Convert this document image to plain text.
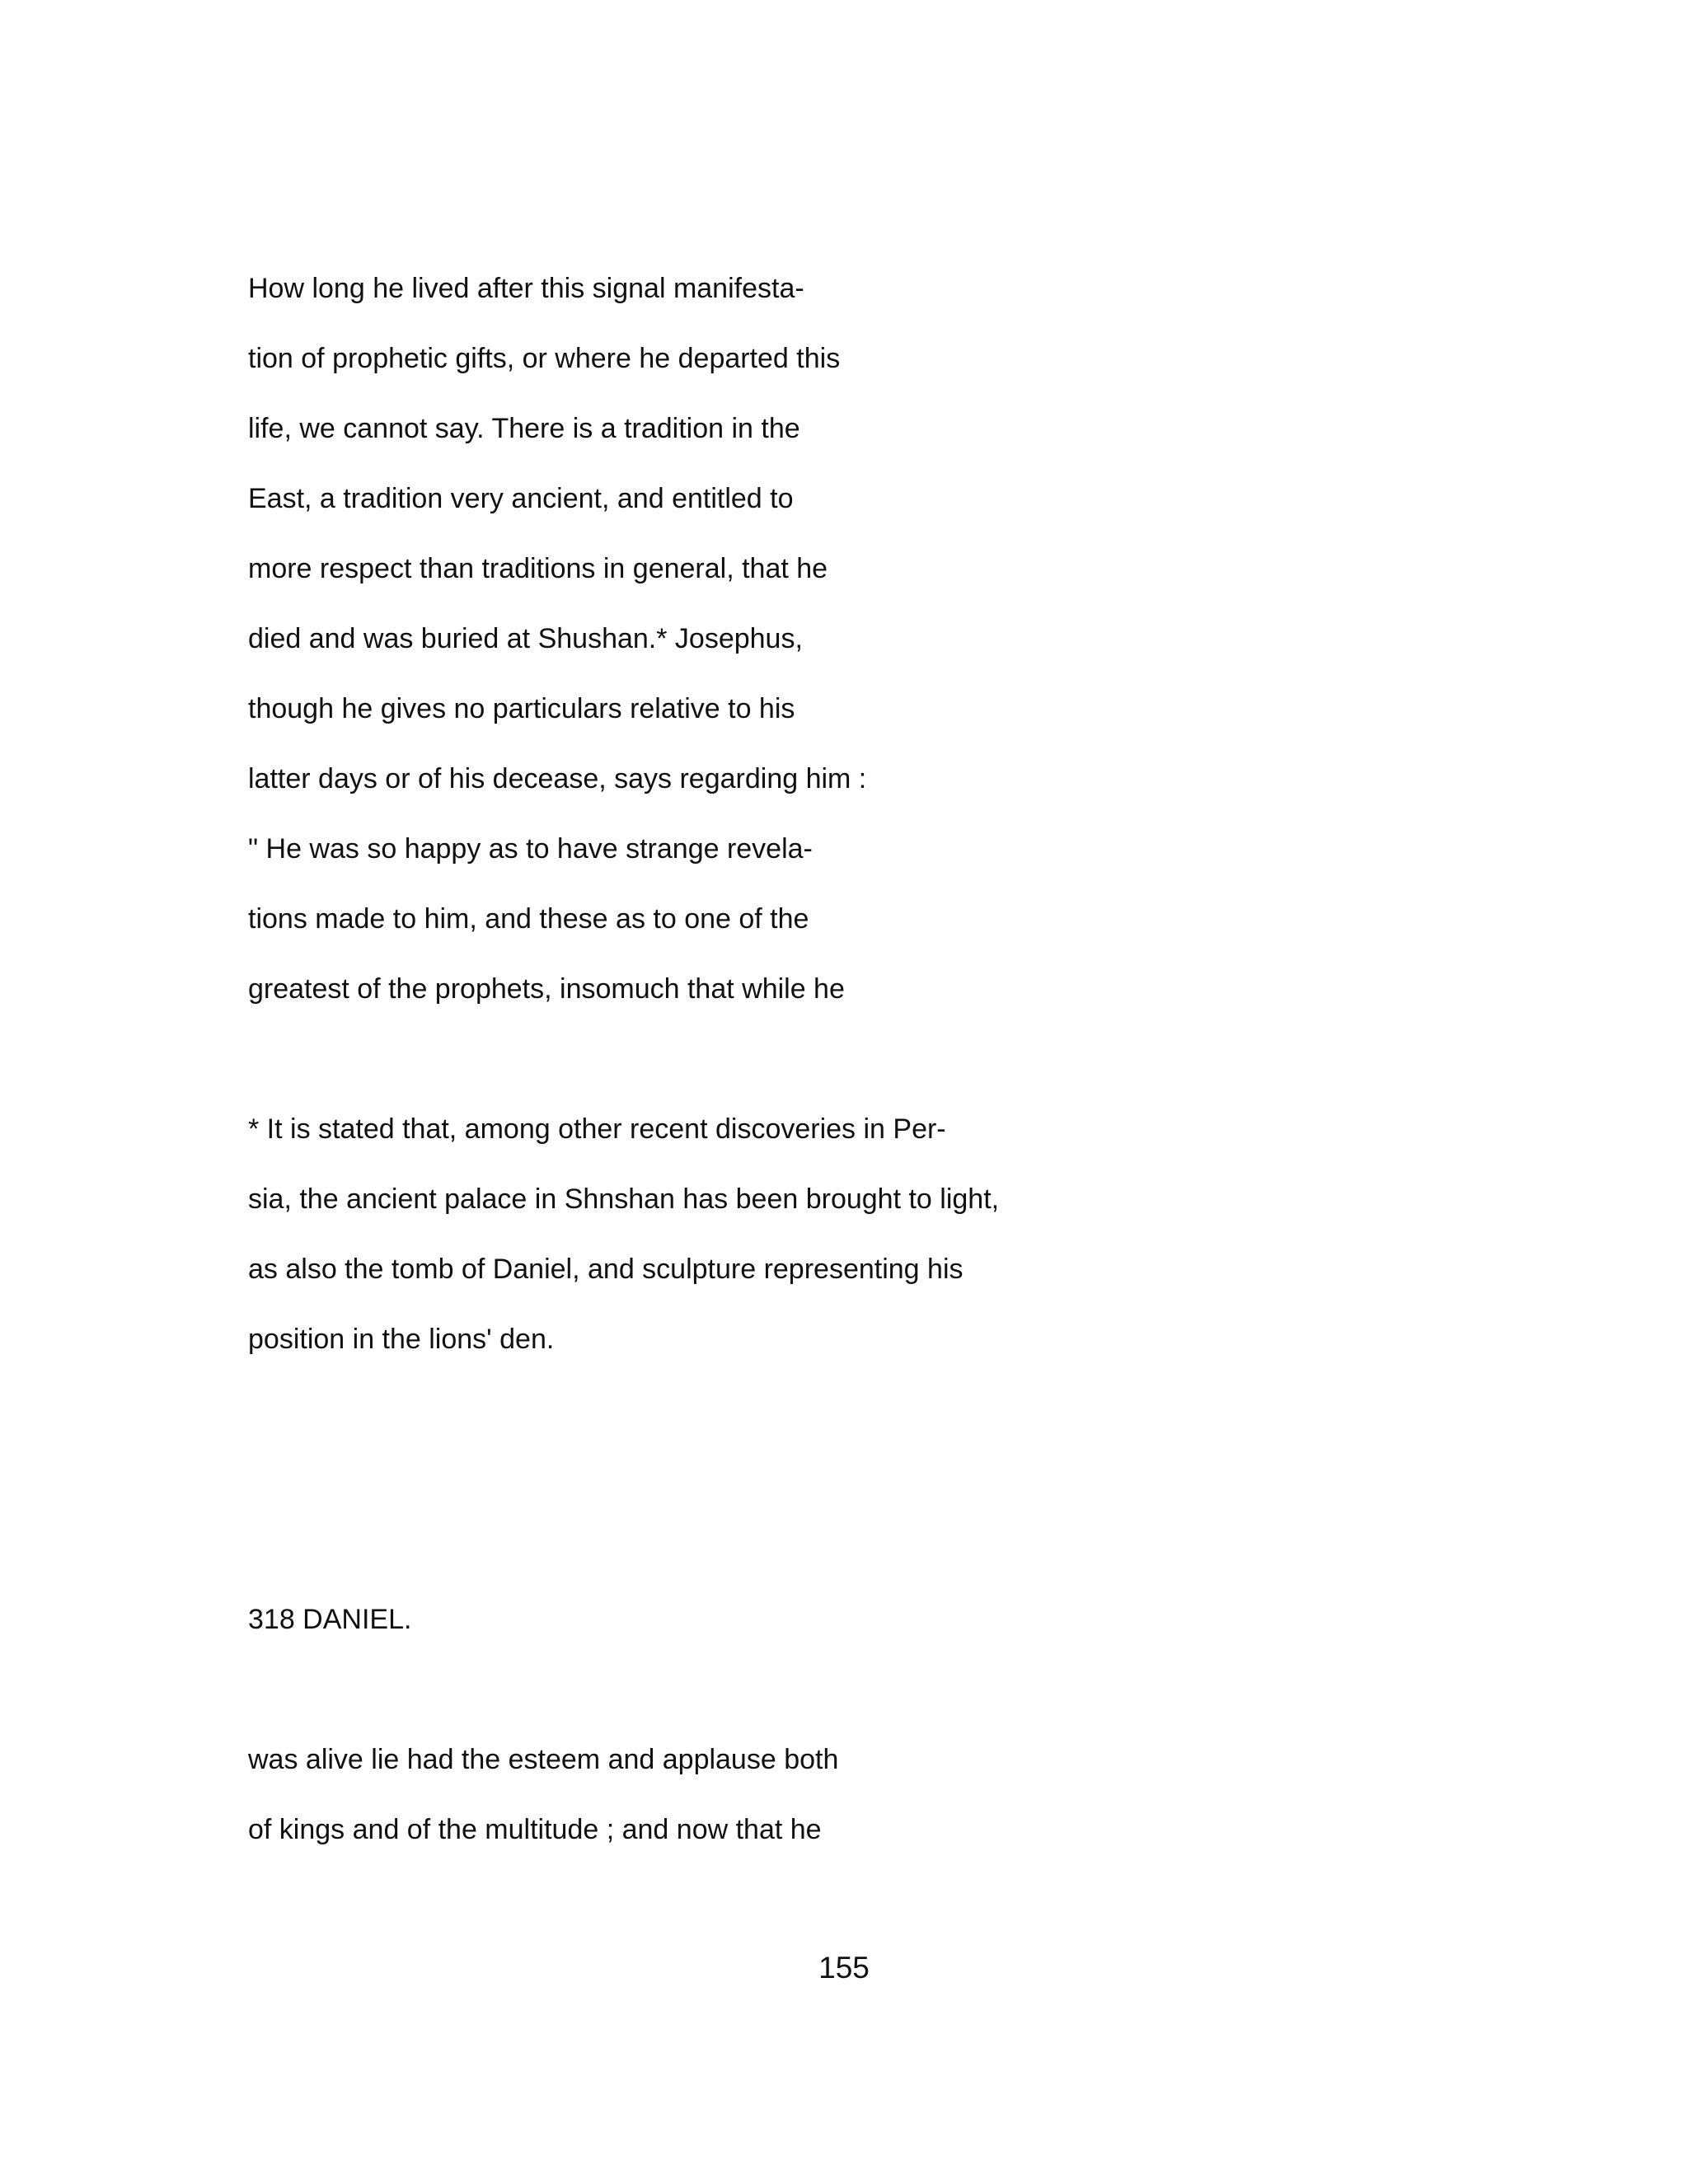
How long he lived after this signal manifesta-

tion of prophetic gifts, or where he departed this

life, we cannot say. There is a tradition in the

East, a tradition very ancient, and entitled to

more respect than traditions in general, that he

died and was buried at Shushan.* Josephus,

though he gives no particulars relative to his

latter days or of his decease, says regarding him :

" He was so happy as to have strange revela-

tions made to him, and these as to one of the

greatest of the prophets, insomuch that while he

* It is stated that, among other recent discoveries in Per-

sia, the ancient palace in Shnshan has been brought to light,

as also the tomb of Daniel, and sculpture representing his

position in the lions' den.

318 DANIEL.

was alive lie had the esteem and applause both

of kings and of the multitude ; and now that he

155
